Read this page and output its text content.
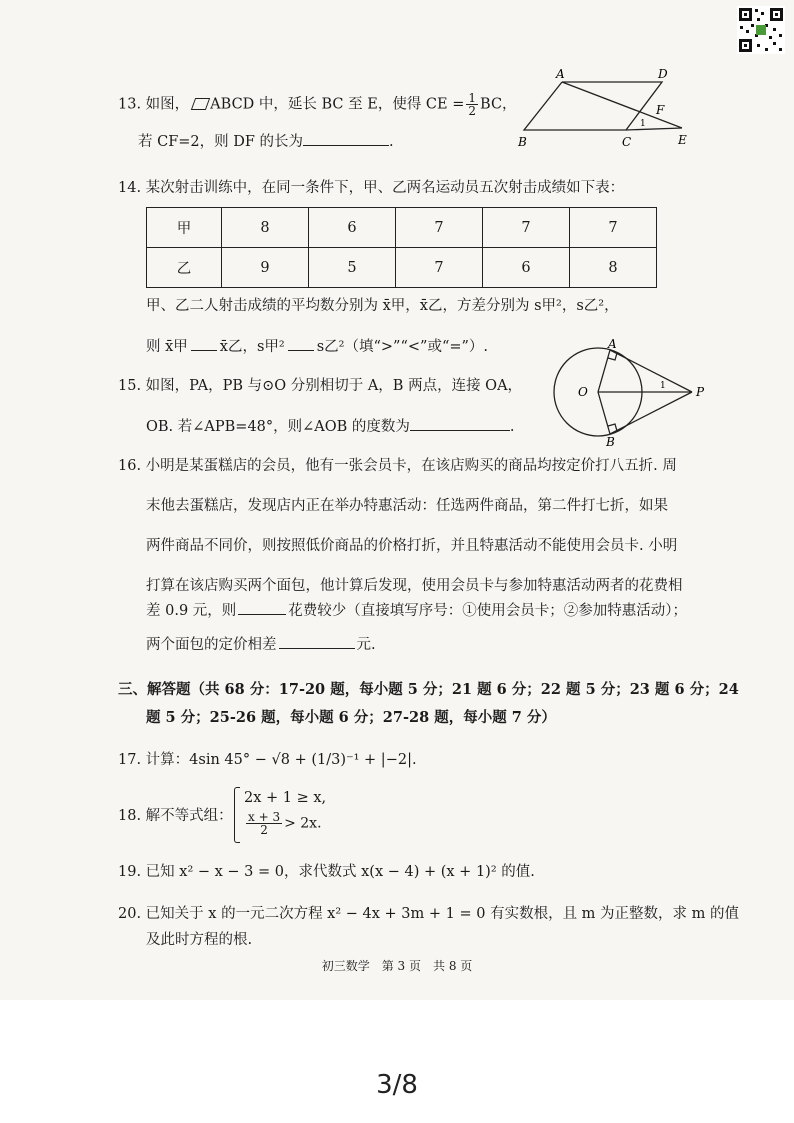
13. 如图， ABCD 中，延长 BC 至 E，使得 CE = $\frac{1}{2}$ BC，
若 CF=2，则 DF 的长为	.
A	D
F
B	C	E
1
14. 某次射击训练中，在同一条件下，甲、乙两名运动员五次射击成绩如下表：
甲	8	6	7	7	7
乙	9	5	7	6	8
甲、乙二人射击成绩的平均数分别为 x̄甲，x̄乙，方差分别为 s甲²，s乙²，
则 x̄甲 x̄乙，s甲² s乙²（填“>”“<”或“=”）.
15. 如图，PA，PB 与⊙O 分别相切于 A，B 两点，连接 OA，
OB. 若∠APB=48°，则∠AOB 的度数为	.
A
O	P
B
1
16. 小明是某蛋糕店的会员，他有一张会员卡，在该店购买的商品均按定价打八五折. 周
末他去蛋糕店，发现店内正在举办特惠活动：任选两件商品，第二件打七折，如果
两件商品不同价，则按照低价商品的价格打折，并且特惠活动不能使用会员卡. 小明
打算在该店购买两个面包，他计算后发现，使用会员卡与参加特惠活动两者的花费相
差 0.9 元，则	花费较少（直接填写序号：①使用会员卡；②参加特惠活动）；
两个面包的定价相差	元.
三、解答题（共 68 分：17-20 题，每小题 5 分；21 题 6 分；22 题 5 分；23 题 6 分；24
题 5 分；25-26 题，每小题 6 分；27-28 题，每小题 7 分）
17. 计算：4sin 45° − √8 + (1/3)⁻¹ + |−2|.
18. 解不等式组：
2x + 1 ≥ x,
$\frac{x + 3}{2} > 2x$.
19. 已知 x² − x − 3 = 0，求代数式 x(x − 4) + (x + 1)² 的值.
20. 已知关于 x 的一元二次方程 x² − 4x + 3m + 1 = 0 有实数根，且 m 为正整数，求 m 的值
及此时方程的根.
初三数学　第 3 页　共 8 页
3/8
